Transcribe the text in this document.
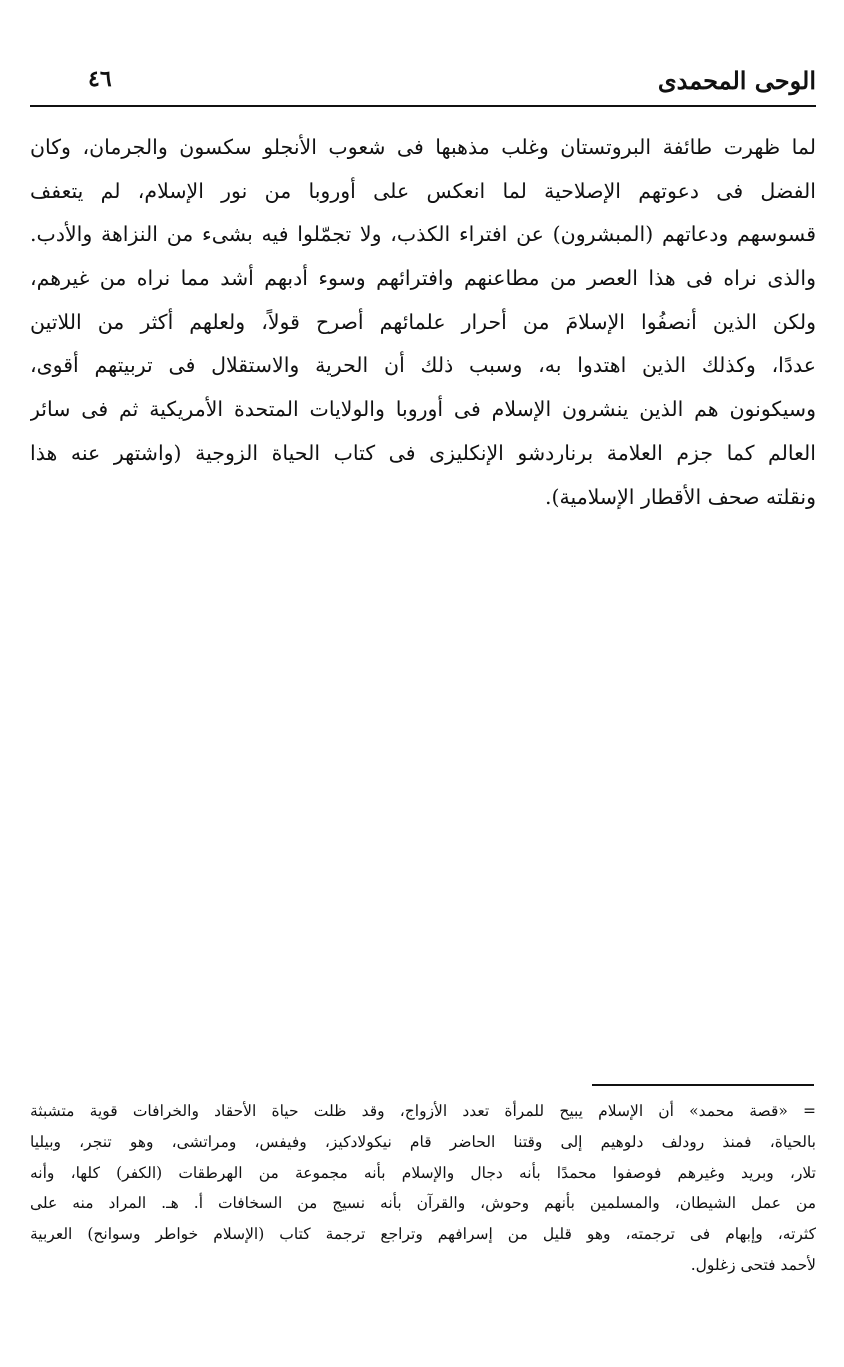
الوحى المحمدى
٤٦
لما ظهرت طائفة البروتستان وغلب مذهبها فى شعوب الأنجلو سكسون والجرمان، وكان
الفضل فى دعوتهم الإصلاحية لما انعكس على أوروبا من نور الإسلام، لم يتعفف
قسوسهم ودعاتهم (المبشرون) عن افتراء الكذب، ولا تجمّلوا فيه بشىء من النزاهة والأدب.
والذى نراه فى هذا العصر من مطاعنهم وافترائهم وسوء أدبهم أشد مما نراه من غيرهم،
ولكن الذين أنصفُوا الإسلامَ من أحرار علمائهم أصرح قولاً، ولعلهم أكثر من اللاتين
عددًا، وكذلك الذين اهتدوا به، وسبب ذلك أن الحرية والاستقلال فى تربيتهم أقوى،
وسيكونون هم الذين ينشرون الإسلام فى أوروبا والولايات المتحدة الأمريكية ثم فى سائر
العالم كما جزم العلامة برناردشو الإنكليزى فى كتاب الحياة الزوجية (واشتهر عنه هذا
ونقلته صحف الأقطار الإسلامية).
= «قصة محمد» أن الإسلام يبيح للمرأة تعدد الأزواج، وقد ظلت حياة الأحقاد والخرافات قوية متشبثة
بالحياة، فمنذ رودلف دلوهيم إلى وقتنا الحاضر قام نيكولادكيز، وفيفس، ومراتشى، وهو تنجر، وبيليا
تلار، وبريد وغيرهم فوصفوا محمدًا بأنه دجال والإسلام بأنه مجموعة من الهرطقات (الكفر) كلها، وأنه
من عمل الشيطان، والمسلمين بأنهم وحوش، والقرآن بأنه نسيج من السخافات أ. هـ. المراد منه على
كثرته، وإبهام فى ترجمته، وهو قليل من إسرافهم وتراجع ترجمة كتاب (الإسلام خواطر وسوانح) العربية
لأحمد فتحى زغلول.
